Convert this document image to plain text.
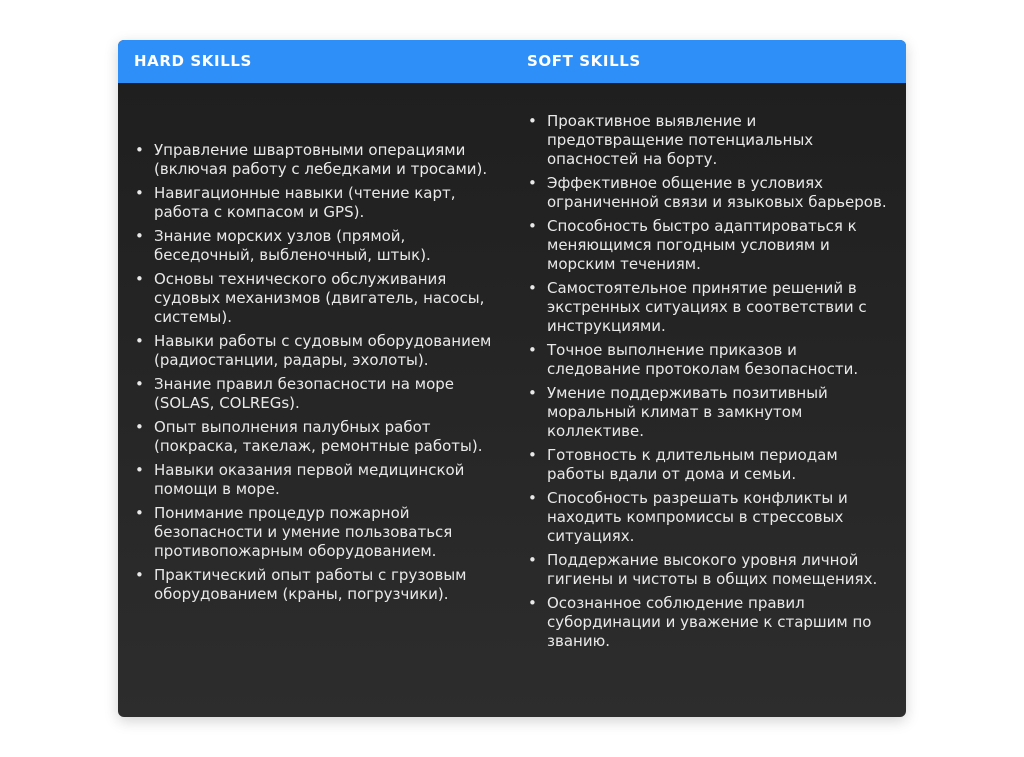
HARD SKILLS	SOFT SKILLS
• Управление швартовными операциями (включая работу с лебедками и тросами).
• Навигационные навыки (чтение карт, работа с компасом и GPS).
• Знание морских узлов (прямой, беседочный, выбленочный, штык).
• Основы технического обслуживания судовых механизмов (двигатель, насосы, системы).
• Навыки работы с судовым оборудованием (радиостанции, радары, эхолоты).
• Знание правил безопасности на море (SOLAS, COLREGs).
• Опыт выполнения палубных работ (покраска, такелаж, ремонтные работы).
• Навыки оказания первой медицинской помощи в море.
• Понимание процедур пожарной безопасности и умение пользоваться противопожарным оборудованием.
• Практический опыт работы с грузовым оборудованием (краны, погрузчики).
• Проактивное выявление и предотвращение потенциальных опасностей на борту.
• Эффективное общение в условиях ограниченной связи и языковых барьеров.
• Способность быстро адаптироваться к меняющимся погодным условиям и морским течениям.
• Самостоятельное принятие решений в экстренных ситуациях в соответствии с инструкциями.
• Точное выполнение приказов и следование протоколам безопасности.
• Умение поддерживать позитивный моральный климат в замкнутом коллективе.
• Готовность к длительным периодам работы вдали от дома и семьи.
• Способность разрешать конфликты и находить компромиссы в стрессовых ситуациях.
• Поддержание высокого уровня личной гигиены и чистоты в общих помещениях.
• Осознанное соблюдение правил субординации и уважение к старшим по званию.
